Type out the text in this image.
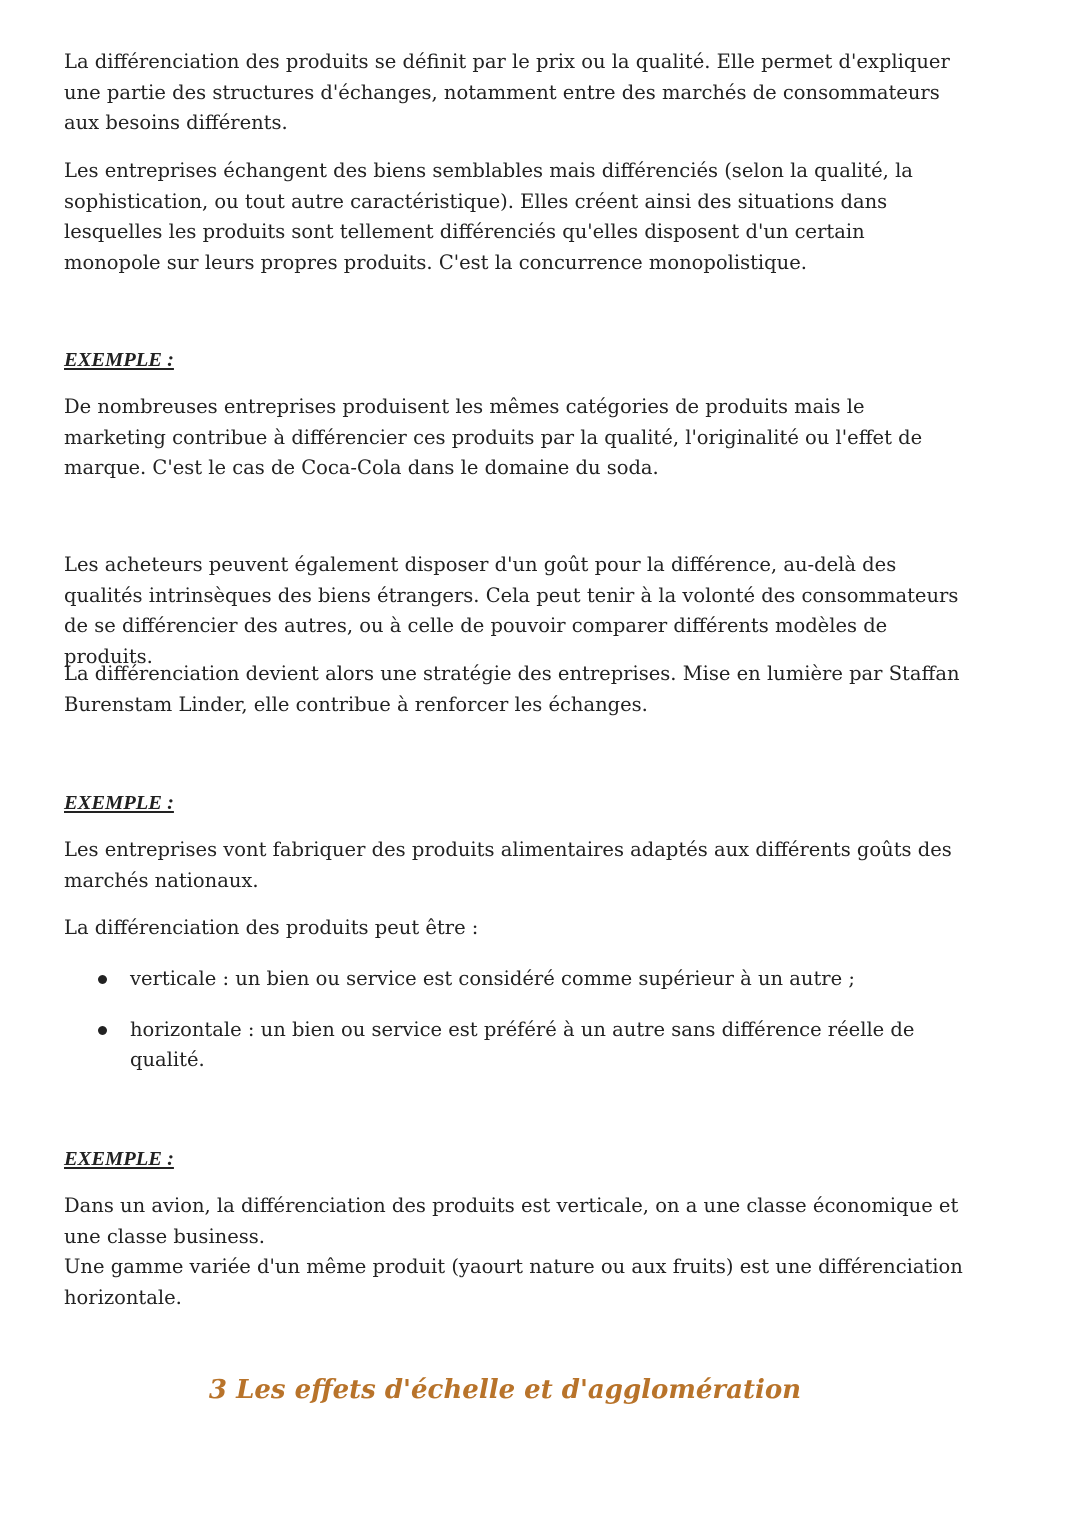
La différenciation des produits se définit par le prix ou la qualité. Elle permet d'expliquer une partie des structures d'échanges, notamment entre des marchés de consommateurs aux besoins différents.

Les entreprises échangent des biens semblables mais différenciés (selon la qualité, la sophistication, ou tout autre caractéristique). Elles créent ainsi des situations dans lesquelles les produits sont tellement différenciés qu'elles disposent d'un certain monopole sur leurs propres produits. C'est la concurrence monopolistique.

EXEMPLE :

De nombreuses entreprises produisent les mêmes catégories de produits mais le marketing contribue à différencier ces produits par la qualité, l'originalité ou l'effet de marque. C'est le cas de Coca-Cola dans le domaine du soda.

Les acheteurs peuvent également disposer d'un goût pour la différence, au-delà des qualités intrinsèques des biens étrangers. Cela peut tenir à la volonté des consommateurs de se différencier des autres, ou à celle de pouvoir comparer différents modèles de produits.

La différenciation devient alors une stratégie des entreprises. Mise en lumière par Staffan Burenstam Linder, elle contribue à renforcer les échanges.

EXEMPLE :

Les entreprises vont fabriquer des produits alimentaires adaptés aux différents goûts des marchés nationaux.

La différenciation des produits peut être :

verticale : un bien ou service est considéré comme supérieur à un autre ;
horizontale : un bien ou service est préféré à un autre sans différence réelle de qualité.

EXEMPLE :

Dans un avion, la différenciation des produits est verticale, on a une classe économique et une classe business.

Une gamme variée d'un même produit (yaourt nature ou aux fruits) est une différenciation horizontale.

3 Les effets d'échelle et d'agglomération
